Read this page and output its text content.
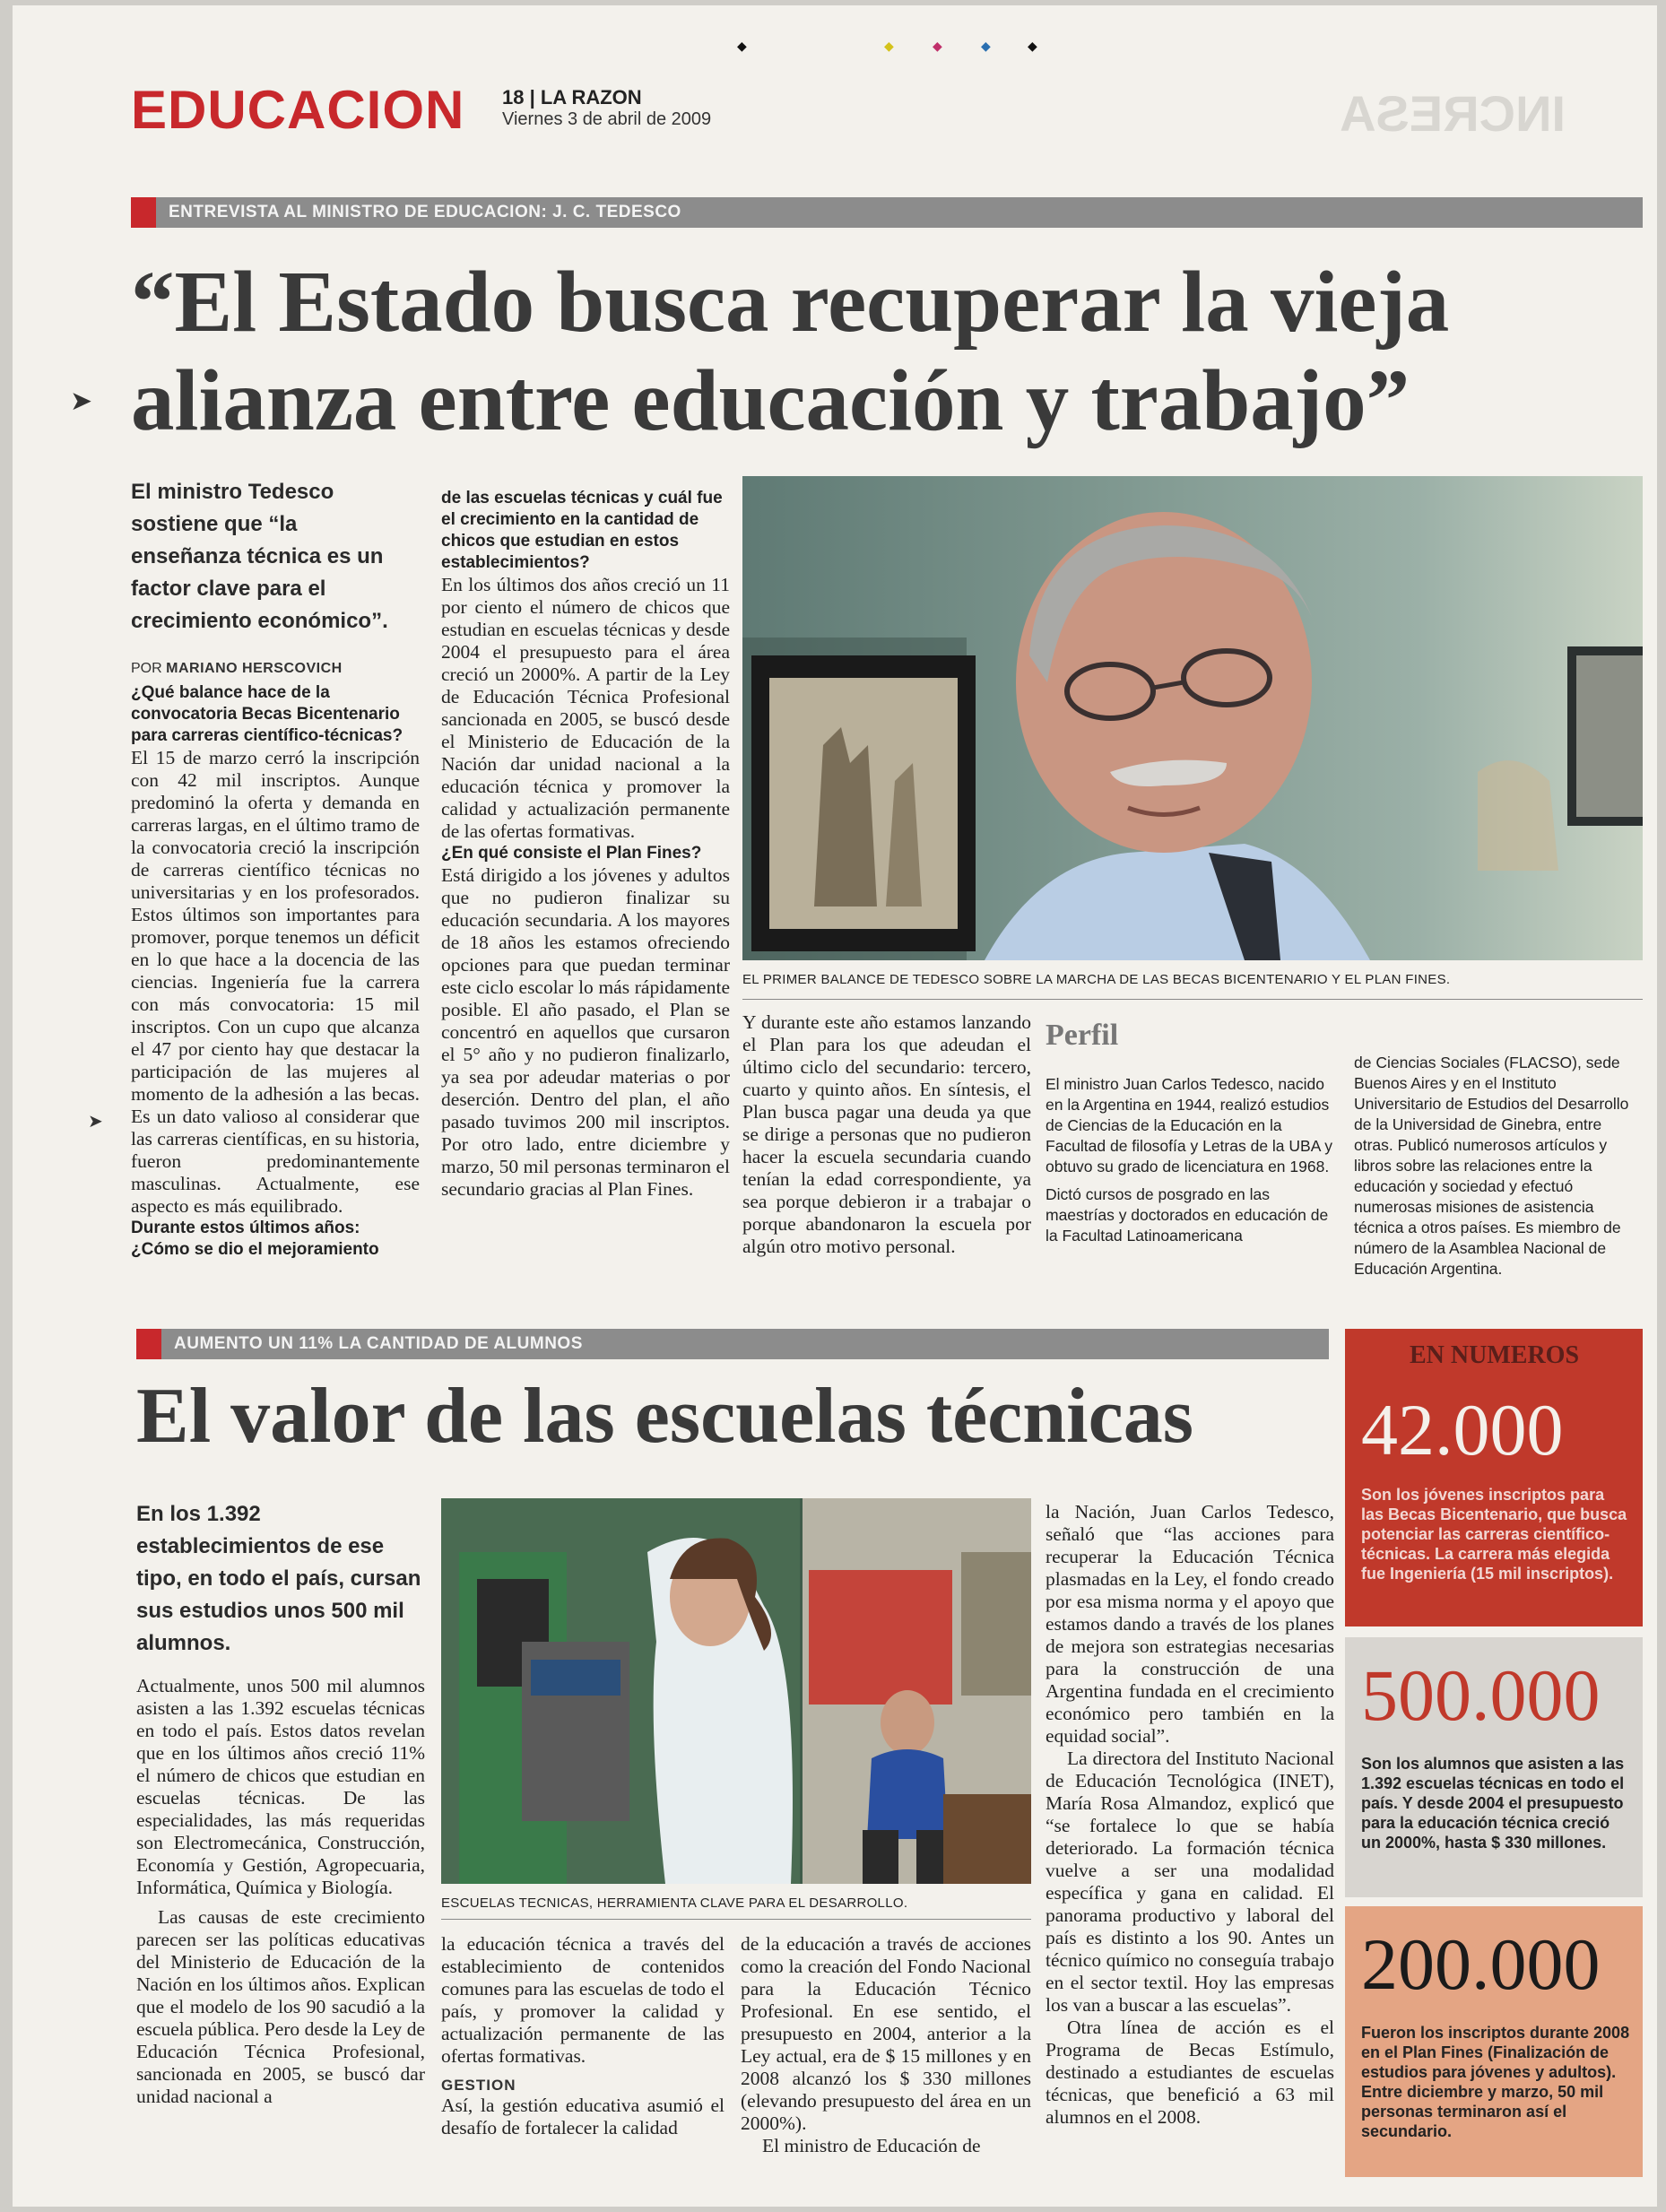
◆	◆	◆	◆	◆
EDUCACION 18 | LA RAZON
Viernes 3 de abril de 2009	INCRESA
ENTREVISTA AL MINISTRO DE EDUCACION: J. C. TEDESCO
“El Estado busca recuperar la vieja
alianza entre educación y trabajo”
➤
➤
El ministro Tedesco sostiene que “la enseñanza técnica es un factor clave para el crecimiento económico”.
POR MARIANO HERSCOVICH
¿Qué balance hace de la convocatoria Becas Bicentenario para carreras científico-técnicas?
El 15 de marzo cerró la inscripción con 42 mil inscriptos. Aunque predominó la oferta y demanda en carreras largas, en el último tramo de la convocatoria creció la inscripción de carreras científico técnicas no universitarias y en los profesorados. Estos últimos son importantes para promover, porque tenemos un déficit en lo que hace a la docencia de las ciencias. Ingeniería fue la carrera con más convocatoria: 15 mil inscriptos. Con un cupo que alcanza el 47 por ciento hay que destacar la participación de las mujeres al momento de la adhesión a las becas. Es un dato valioso al considerar que las carreras científicas, en su historia, fueron predominantemente masculinas. Actualmente, ese aspecto es más equilibrado.
Durante estos últimos años: ¿Cómo se dio el mejoramiento
de las escuelas técnicas y cuál fue el crecimiento en la cantidad de chicos que estudian en estos establecimientos?
En los últimos dos años creció un 11 por ciento el número de chicos que estudian en escuelas técnicas y desde 2004 el presupuesto para el área creció un 2000%. A partir de la Ley de Educación Técnica Profesional sancionada en 2005, se buscó desde el Ministerio de Educación de la Nación dar unidad nacional a la educación técnica y promover la calidad y actualización permanente de las ofertas formativas.
¿En qué consiste el Plan Fines?
Está dirigido a los jóvenes y adultos que no pudieron finalizar su educación secundaria. A los mayores de 18 años les estamos ofreciendo opciones para que puedan terminar este ciclo escolar lo más rápidamente posible. El año pasado, el Plan se concentró en aquellos que cursaron el 5° año y no pudieron finalizarlo, ya sea por adeudar materias o por deserción. Dentro del plan, el año pasado tuvimos 200 mil inscriptos. Por otro lado, entre diciembre y marzo, 50 mil personas terminaron el secundario gracias al Plan Fines.
EL PRIMER BALANCE DE TEDESCO SOBRE LA MARCHA DE LAS BECAS BICENTENARIO Y EL PLAN FINES.
Y durante este año estamos lanzando el Plan para los que adeudan el último ciclo del secundario: tercero, cuarto y quinto años. En síntesis, el Plan busca pagar una deuda ya que se dirige a personas que no pudieron hacer la escuela secundaria cuando tenían la edad correspondiente, ya sea porque debieron ir a trabajar o porque abandonaron la escuela por algún otro motivo personal.
Perfil
El ministro Juan Carlos Tedesco, nacido en la Argentina en 1944, realizó estudios de Ciencias de la Educación en la Facultad de filosofía y Letras de la UBA y obtuvo su grado de licenciatura en 1968.
Dictó cursos de posgrado en las maestrías y doctorados en educación de la Facultad Latinoamericana
de Ciencias Sociales (FLACSO), sede Buenos Aires y en el Instituto Universitario de Estudios del Desarrollo de la Universidad de Ginebra, entre otras. Publicó numerosos artículos y libros sobre las relaciones entre la educación y sociedad y efectuó numerosas misiones de asistencia técnica a otros países. Es miembro de número de la Asamblea Nacional de Educación Argentina.
AUMENTO UN 11% LA CANTIDAD DE ALUMNOS
El valor de las escuelas técnicas
En los 1.392 establecimientos de ese tipo, en todo el país, cursan sus estudios unos 500 mil alumnos.
ESCUELAS TECNICAS, HERRAMIENTA CLAVE PARA EL DESARROLLO.
Actualmente, unos 500 mil alumnos asisten a las 1.392 escuelas técnicas en todo el país. Estos datos revelan que en los últimos años creció 11% el número de chicos que estudian en escuelas técnicas. De las especialidades, las más requeridas son Electromecánica, Construcción, Economía y Gestión, Agropecuaria, Informática, Química y Biología.
Las causas de este crecimiento parecen ser las políticas educativas del Ministerio de Educación de la Nación en los últimos años. Explican que el modelo de los 90 sacudió a la escuela pública. Pero desde la Ley de Educación Técnica Profesional, sancionada en 2005, se buscó dar unidad nacional a
la educación técnica a través del establecimiento de contenidos comunes para las escuelas de todo el país, y promover la calidad y actualización permanente de las ofertas formativas.
GESTION
Así, la gestión educativa asumió el desafío de fortalecer la calidad
de la educación a través de acciones como la creación del Fondo Nacional para la Educación Técnico Profesional. En ese sentido, el presupuesto en 2004, anterior a la Ley actual, era de $ 15 millones y en 2008 alcanzó los $ 330 millones (elevando presupuesto del área en un 2000%).
El ministro de Educación de
la Nación, Juan Carlos Tedesco, señaló que “las acciones para recuperar la Educación Técnica plasmadas en la Ley, el fondo creado por esa misma norma y el apoyo que estamos dando a través de los planes de mejora son estrategias necesarias para la construcción de una Argentina fundada en el crecimiento económico pero también en la equidad social”.
La directora del Instituto Nacional de Educación Tecnológica (INET), María Rosa Almandoz, explicó que “se fortalece lo que se había deteriorado. La formación técnica vuelve a ser una modalidad específica y gana en calidad. El panorama productivo y laboral del país es distinto a los 90. Antes un técnico químico no conseguía trabajo en el sector textil. Hoy las empresas los van a buscar a las escuelas”.
Otra línea de acción es el Programa de Becas Estímulo, destinado a estudiantes de escuelas técnicas, que benefició a 63 mil alumnos en el 2008.
EN NUMEROS
42.000
Son los jóvenes inscriptos para las Becas Bicentenario, que busca potenciar las carreras científico-técnicas. La carrera más elegida fue Ingeniería (15 mil inscriptos).
500.000
Son los alumnos que asisten a las 1.392 escuelas técnicas en todo el país. Y desde 2004 el presupuesto para la educación técnica creció un 2000%, hasta $ 330 millones.
200.000
Fueron los inscriptos durante 2008 en el Plan Fines (Finalización de estudios para jóvenes y adultos). Entre diciembre y marzo, 50 mil personas terminaron así el secundario.
